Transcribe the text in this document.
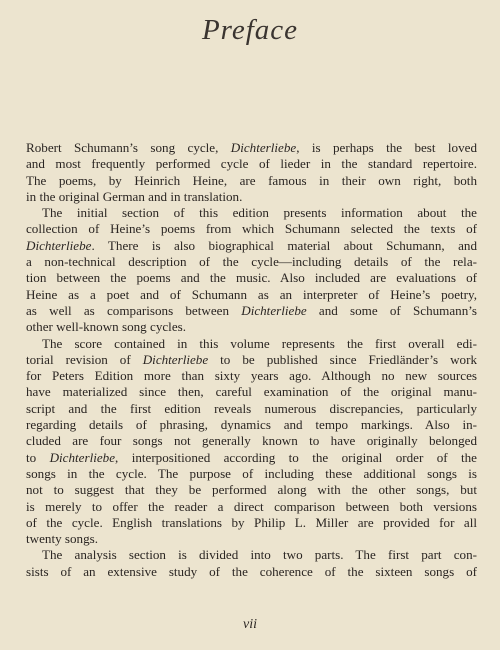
Preface
Robert Schumann’s song cycle, Dichterliebe, is perhaps the best loved
and most frequently performed cycle of lieder in the standard repertoire.
The poems, by Heinrich Heine, are famous in their own right, both
in the original German and in translation.
The initial section of this edition presents information about the
collection of Heine’s poems from which Schumann selected the texts of
Dichterliebe. There is also biographical material about Schumann, and
a non-technical description of the cycle—including details of the rela-
tion between the poems and the music. Also included are evaluations of
Heine as a poet and of Schumann as an interpreter of Heine’s poetry,
as well as comparisons between Dichterliebe and some of Schumann’s
other well-known song cycles.
The score contained in this volume represents the first overall edi-
torial revision of Dichterliebe to be published since Friedländer’s work
for Peters Edition more than sixty years ago. Although no new sources
have materialized since then, careful examination of the original manu-
script and the first edition reveals numerous discrepancies, particularly
regarding details of phrasing, dynamics and tempo markings. Also in-
cluded are four songs not generally known to have originally belonged
to Dichterliebe, interpositioned according to the original order of the
songs in the cycle. The purpose of including these additional songs is
not to suggest that they be performed along with the other songs, but
is merely to offer the reader a direct comparison between both versions
of the cycle. English translations by Philip L. Miller are provided for all
twenty songs.
The analysis section is divided into two parts. The first part con-
sists of an extensive study of the coherence of the sixteen songs of
vii
